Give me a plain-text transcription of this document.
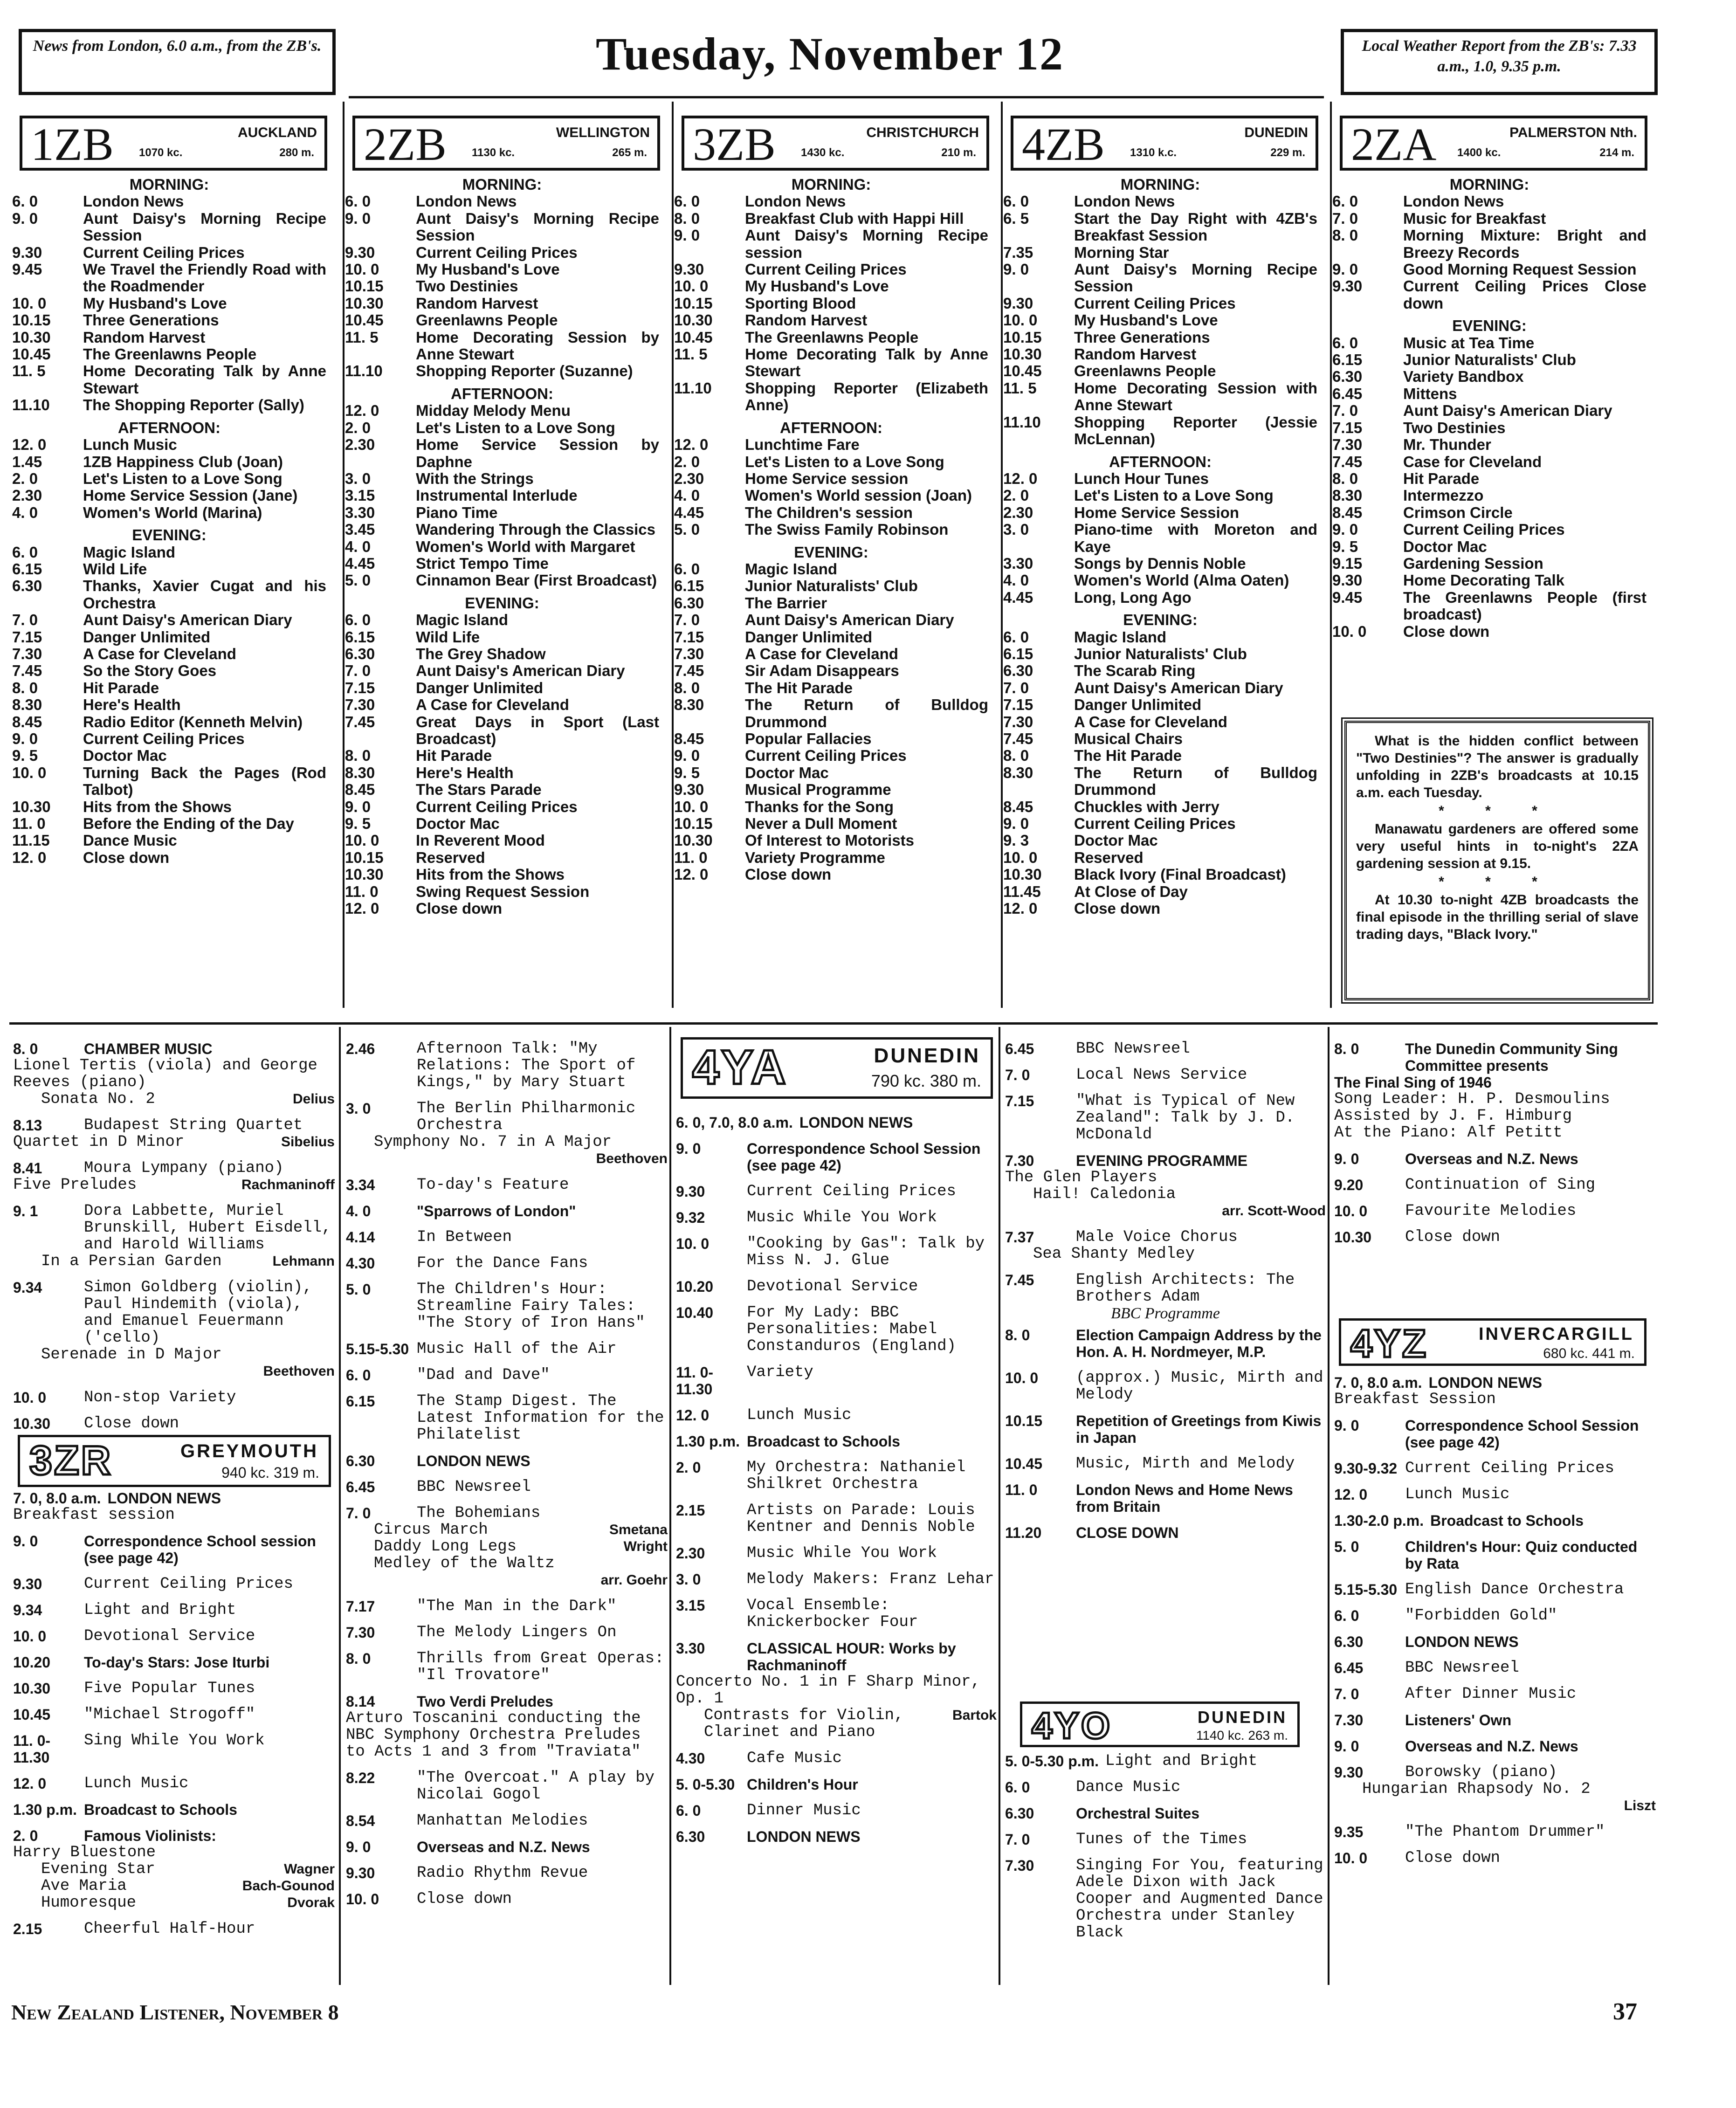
News from London, 6.0 a.m., from the ZB's.	Tuesday, November 12	Local Weather Report from the ZB's: 7.33 a.m., 1.0, 9.35 p.m.
1ZB	AUCKLAND
1070 kc.	280 m.
MORNING:
6. 0	London News
9. 0	Aunt Daisy's Morning Recipe Session
9.30	Current Ceiling Prices
9.45	We Travel the Friendly Road with the Roadmender
10. 0	My Husband's Love
10.15	Three Generations
10.30	Random Harvest
10.45	The Greenlawns People
11. 5	Home Decorating Talk by Anne Stewart
11.10	The Shopping Reporter (Sally)
AFTERNOON:
12. 0	Lunch Music
1.45	1ZB Happiness Club (Joan)
2. 0	Let's Listen to a Love Song
2.30	Home Service Session (Jane)
4. 0	Women's World (Marina)
EVENING:
6. 0	Magic Island
6.15	Wild Life
6.30	Thanks, Xavier Cugat and his Orchestra
7. 0	Aunt Daisy's American Diary
7.15	Danger Unlimited
7.30	A Case for Cleveland
7.45	So the Story Goes
8. 0	Hit Parade
8.30	Here's Health
8.45	Radio Editor (Kenneth Melvin)
9. 0	Current Ceiling Prices
9. 5	Doctor Mac
10. 0	Turning Back the Pages (Rod Talbot)
10.30	Hits from the Shows
11. 0	Before the Ending of the Day
11.15	Dance Music
12. 0	Close down
2ZB	WELLINGTON
1130 kc.	265 m.
MORNING:
6. 0	London News
9. 0	Aunt Daisy's Morning Recipe Session
9.30	Current Ceiling Prices
10. 0	My Husband's Love
10.15	Two Destinies
10.30	Random Harvest
10.45	Greenlawns People
11. 5	Home Decorating Session by Anne Stewart
11.10	Shopping Reporter (Suzanne)
AFTERNOON:
12. 0	Midday Melody Menu
2. 0	Let's Listen to a Love Song
2.30	Home Service Session by Daphne
3. 0	With the Strings
3.15	Instrumental Interlude
3.30	Piano Time
3.45	Wandering Through the Classics
4. 0	Women's World with Margaret
4.45	Strict Tempo Time
5. 0	Cinnamon Bear (First Broadcast)
EVENING:
6. 0	Magic Island
6.15	Wild Life
6.30	The Grey Shadow
7. 0	Aunt Daisy's American Diary
7.15	Danger Unlimited
7.30	A Case for Cleveland
7.45	Great Days in Sport (Last Broadcast)
8. 0	Hit Parade
8.30	Here's Health
8.45	The Stars Parade
9. 0	Current Ceiling Prices
9. 5	Doctor Mac
10. 0	In Reverent Mood
10.15	Reserved
10.30	Hits from the Shows
11. 0	Swing Request Session
12. 0	Close down
3ZB	CHRISTCHURCH
1430 kc.	210 m.
MORNING:
6. 0	London News
8. 0	Breakfast Club with Happi Hill
9. 0	Aunt Daisy's Morning Recipe session
9.30	Current Ceiling Prices
10. 0	My Husband's Love
10.15	Sporting Blood
10.30	Random Harvest
10.45	The Greenlawns People
11. 5	Home Decorating Talk by Anne Stewart
11.10	Shopping Reporter (Elizabeth Anne)
AFTERNOON:
12. 0	Lunchtime Fare
2. 0	Let's Listen to a Love Song
2.30	Home Service session
4. 0	Women's World session (Joan)
4.45	The Children's session
5. 0	The Swiss Family Robinson
EVENING:
6. 0	Magic Island
6.15	Junior Naturalists' Club
6.30	The Barrier
7. 0	Aunt Daisy's American Diary
7.15	Danger Unlimited
7.30	A Case for Cleveland
7.45	Sir Adam Disappears
8. 0	The Hit Parade
8.30	The Return of Bulldog Drummond
8.45	Popular Fallacies
9. 0	Current Ceiling Prices
9. 5	Doctor Mac
9.30	Musical Programme
10. 0	Thanks for the Song
10.15	Never a Dull Moment
10.30	Of Interest to Motorists
11. 0	Variety Programme
12. 0	Close down
4ZB	DUNEDIN
1310 k.c.	229 m.
MORNING:
6. 0	London News
6. 5	Start the Day Right with 4ZB's Breakfast Session
7.35	Morning Star
9. 0	Aunt Daisy's Morning Recipe Session
9.30	Current Ceiling Prices
10. 0	My Husband's Love
10.15	Three Generations
10.30	Random Harvest
10.45	Greenlawns People
11. 5	Home Decorating Session with Anne Stewart
11.10	Shopping Reporter (Jessie McLennan)
AFTERNOON:
12. 0	Lunch Hour Tunes
2. 0	Let's Listen to a Love Song
2.30	Home Service Session
3. 0	Piano-time with Moreton and Kaye
3.30	Songs by Dennis Noble
4. 0	Women's World (Alma Oaten)
4.45	Long, Long Ago
EVENING:
6. 0	Magic Island
6.15	Junior Naturalists' Club
6.30	The Scarab Ring
7. 0	Aunt Daisy's American Diary
7.15	Danger Unlimited
7.30	A Case for Cleveland
7.45	Musical Chairs
8. 0	The Hit Parade
8.30	The Return of Bulldog Drummond
8.45	Chuckles with Jerry
9. 0	Current Ceiling Prices
9. 3	Doctor Mac
10. 0	Reserved
10.30	Black Ivory (Final Broadcast)
11.45	At Close of Day
12. 0	Close down
2ZA	PALMERSTON Nth.
1400 kc.	214 m.
MORNING:
6. 0	London News
7. 0	Music for Breakfast
8. 0	Morning Mixture: Bright and Breezy Records
9. 0	Good Morning Request Session
9.30	Current Ceiling Prices Close down
EVENING:
6. 0	Music at Tea Time
6.15	Junior Naturalists' Club
6.30	Variety Bandbox
6.45	Mittens
7. 0	Aunt Daisy's American Diary
7.15	Two Destinies
7.30	Mr. Thunder
7.45	Case for Cleveland
8. 0	Hit Parade
8.30	Intermezzo
8.45	Crimson Circle
9. 0	Current Ceiling Prices
9. 5	Doctor Mac
9.15	Gardening Session
9.30	Home Decorating Talk
9.45	The Greenlawns People (first broadcast)
10. 0	Close down

What is the hidden conflict between "Two Destinies"? The answer is gradually unfolding in 2ZB's broadcasts at 10.15 a.m. each Tuesday.

* * *

Manawatu gardeners are offered some very useful hints in to-night's 2ZA gardening session at 9.15.

* * *

At 10.30 to-night 4ZB broadcasts the final episode in the thrilling serial of slave trading days, "Black Ivory."

3ZR	GREYMOUTH
940 kc. 319 m.
4YA	DUNEDIN
790 kc. 380 m.
4YO	DUNEDIN
1140 kc. 263 m.
4YZ	INVERCARGILL
680 kc. 441 m.
8. 0	CHAMBER MUSIC
Lionel Tertis (viola) and George Reeves (piano)
Sonata No. 2	Delius
8.13	Budapest String Quartet
Quartet in D Minor	Sibelius
8.41	Moura Lympany (piano)
Five Preludes	Rachmaninoff
9. 1	Dora Labbette, Muriel Brunskill, Hubert Eisdell, and Harold Williams
In a Persian Garden	Lehmann
9.34	Simon Goldberg (violin), Paul Hindemith (viola), and Emanuel Feuermann ('cello)
Serenade in D Major
Beethoven
10. 0	Non-stop Variety
10.30	Close down
7. 0, 8.0 a.m. LONDON NEWS
Breakfast session
9. 0	Correspondence School session (see page 42)
9.30	Current Ceiling Prices
9.34	Light and Bright
10. 0	Devotional Service
10.20	To-day's Stars: Jose Iturbi
10.30	Five Popular Tunes
10.45	"Michael Strogoff"
11. 0-11.30
Sing While You Work
12. 0	Lunch Music
1.30 p.m. Broadcast to Schools
2. 0	Famous Violinists:
Harry Bluestone
Evening Star	Wagner
Ave Maria	Bach-Gounod
Humoresque	Dvorak
2.15	Cheerful Half-Hour
2.46	Afternoon Talk: "My Relations: The Sport of Kings," by Mary Stuart
3. 0	The Berlin Philharmonic Orchestra
Symphony No. 7 in A Major
Beethoven
3.34	To-day's Feature
4. 0	"Sparrows of London"
4.14	In Between
4.30	For the Dance Fans
5. 0	The Children's Hour: Streamline Fairy Tales: "The Story of Iron Hans"
5.15-5.30 Music Hall of the Air
6. 0	"Dad and Dave"
6.15	The Stamp Digest. The Latest Information for the Philatelist
6.30	LONDON NEWS
6.45	BBC Newsreel
7. 0	The Bohemians
Circus March	Smetana
Daddy Long Legs	Wright
Medley of the Waltz
arr. Goehr
7.17	"The Man in the Dark"
7.30	The Melody Lingers On
8. 0	Thrills from Great Operas: "Il Trovatore"
8.14	Two Verdi Preludes
Arturo Toscanini conducting the NBC Symphony Orchestra Preludes to Acts 1 and 3 from "Traviata"
8.22	"The Overcoat." A play by Nicolai Gogol
8.54	Manhattan Melodies
9. 0	Overseas and N.Z. News
9.30	Radio Rhythm Revue
10. 0	Close down
6. 0, 7.0, 8.0 a.m. LONDON NEWS
9. 0	Correspondence School Session (see page 42)
9.30	Current Ceiling Prices
9.32	Music While You Work
10. 0	"Cooking by Gas": Talk by Miss N. J. Glue
10.20	Devotional Service
10.40	For My Lady: BBC Personalities: Mabel Constanduros (England)
11. 0-11.30
Variety
12. 0	Lunch Music
1.30 p.m. Broadcast to Schools
2. 0	My Orchestra: Nathaniel Shilkret Orchestra
2.15	Artists on Parade: Louis Kentner and Dennis Noble
2.30	Music While You Work
3. 0	Melody Makers: Franz Lehar
3.15	Vocal Ensemble: Knickerbocker Four
3.30	CLASSICAL HOUR: Works by Rachmaninoff
Concerto No. 1 in F Sharp Minor, Op. 1
Contrasts for Violin, Clarinet and Piano
Bartok
4.30	Cafe Music
5. 0-5.30 Children's Hour
6. 0	Dinner Music
6.30	LONDON NEWS
6.45	BBC Newsreel
7. 0	Local News Service
7.15	"What is Typical of New Zealand": Talk by J. D. McDonald
7.30	EVENING PROGRAMME
The Glen Players
Hail! Caledonia
arr. Scott-Wood
7.37	Male Voice Chorus
Sea Shanty Medley
7.45	English Architects: The Brothers Adam
BBC Programme
8. 0	Election Campaign Address by the Hon. A. H. Nordmeyer, M.P.
10. 0	(approx.) Music, Mirth and Melody
10.15	Repetition of Greetings from Kiwis in Japan
10.45	Music, Mirth and Melody
11. 0	London News and Home News from Britain
11.20	CLOSE DOWN
5. 0-5.30 p.m. Light and Bright
6. 0	Dance Music
6.30	Orchestral Suites
7. 0	Tunes of the Times
7.30	Singing For You, featuring Adele Dixon with Jack Cooper and Augmented Dance Orchestra under Stanley Black
8. 0	The Dunedin Community Sing Committee presents
The Final Sing of 1946
Song Leader: H. P. Desmoulins
Assisted by J. F. Himburg
At the Piano: Alf Petitt
9. 0	Overseas and N.Z. News
9.20	Continuation of Sing
10. 0	Favourite Melodies
10.30	Close down
7. 0, 8.0 a.m. LONDON NEWS
Breakfast Session
9. 0	Correspondence School Session (see page 42)
9.30-9.32 Current Ceiling Prices
12. 0	Lunch Music
1.30-2.0 p.m. Broadcast to Schools
5. 0	Children's Hour: Quiz conducted by Rata
5.15-5.30 English Dance Orchestra
6. 0	"Forbidden Gold"
6.30	LONDON NEWS
6.45	BBC Newsreel
7. 0	After Dinner Music
7.30	Listeners' Own
9. 0	Overseas and N.Z. News
9.30	Borowsky (piano)
Hungarian Rhapsody No. 2
Liszt
9.35	"The Phantom Drummer"
10. 0	Close down
New Zealand Listener, November 8	37
